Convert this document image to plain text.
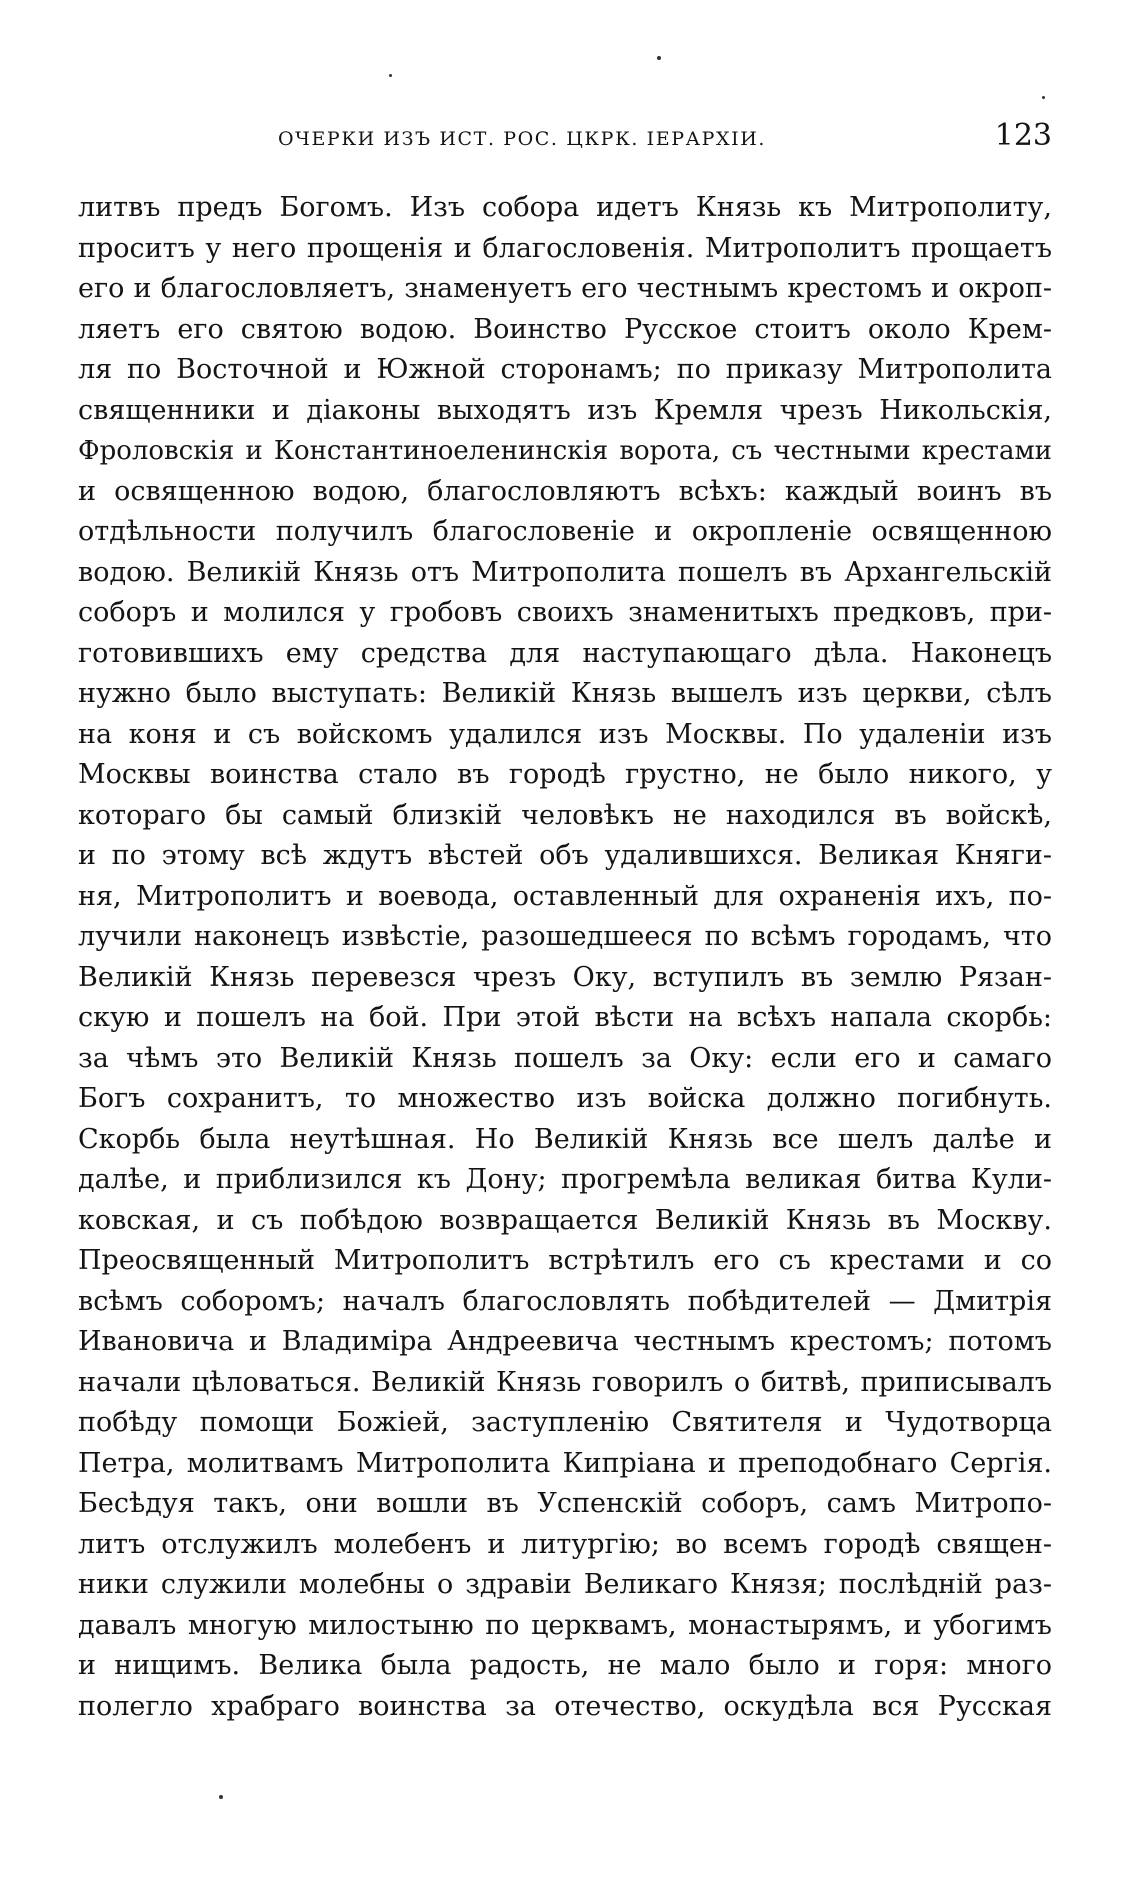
ОЧЕРКИ ИЗЪ ИСТ. РОС. ЦКРК. ІЕРАРХІИ.	123
литвъ предъ Богомъ. Изъ собора идетъ Князь къ Митрополиту,
проситъ у него прощенія и благословенія. Митрополитъ прощаетъ
его и благословляетъ, знаменуетъ его честнымъ крестомъ и окроп-
ляетъ его святою водою. Воинство Русское стоитъ около Крем-
ля по Восточной и Южной сторонамъ; по приказу Митрополита
священники и діаконы выходятъ изъ Кремля чрезъ Никольскія,
Фроловскія и Константиноеленинскія ворота, съ честными крестами
и освященною водою, благословляютъ всѣхъ: каждый воинъ въ
отдѣльности получилъ благословеніе и окропленіе освященною
водою. Великій Князь отъ Митрополита пошелъ въ Архангельскій
соборъ и молился у гробовъ своихъ знаменитыхъ предковъ, при-
готовившихъ ему средства для наступающаго дѣла. Наконецъ
нужно было выступать: Великій Князь вышелъ изъ церкви, сѣлъ
на коня и съ войскомъ удалился изъ Москвы. По удаленіи изъ
Москвы воинства стало въ городѣ грустно, не было никого, у
котораго бы самый близкій человѣкъ не находился въ войскѣ,
и по этому всѣ ждутъ вѣстей объ удалившихся. Великая Княги-
ня, Митрополитъ и воевода, оставленный для охраненія ихъ, по-
лучили наконецъ извѣстіе, разошедшееся по всѣмъ городамъ, что
Великій Князь перевезся чрезъ Оку, вступилъ въ землю Рязан-
скую и пошелъ на бой. При этой вѣсти на всѣхъ напала скорбь:
за чѣмъ это Великій Князь пошелъ за Оку: если его и самаго
Богъ сохранитъ, то множество изъ войска должно погибнуть.
Скорбь была неутѣшная. Но Великій Князь все шелъ далѣе и
далѣе, и приблизился къ Дону; прогремѣла великая битва Кули-
ковская, и съ побѣдою возвращается Великій Князь въ Москву.
Преосвященный Митрополитъ встрѣтилъ его съ крестами и со
всѣмъ соборомъ; началъ благословлять побѣдителей — Дмитрія
Ивановича и Владиміра Андреевича честнымъ крестомъ; потомъ
начали цѣловаться. Великій Князь говорилъ о битвѣ, приписывалъ
побѣду помощи Божіей, заступленію Святителя и Чудотворца
Петра, молитвамъ Митрополита Кипріана и преподобнаго Сергія.
Бесѣдуя такъ, они вошли въ Успенскій соборъ, самъ Митропо-
литъ отслужилъ молебенъ и литургію; во всемъ городѣ священ-
ники служили молебны о здравіи Великаго Князя; послѣдній раз-
давалъ многую милостыню по церквамъ, монастырямъ, и убогимъ
и нищимъ. Велика была радость, не мало было и горя: много
полегло храбраго воинства за отечество, оскудѣла вся Русская
